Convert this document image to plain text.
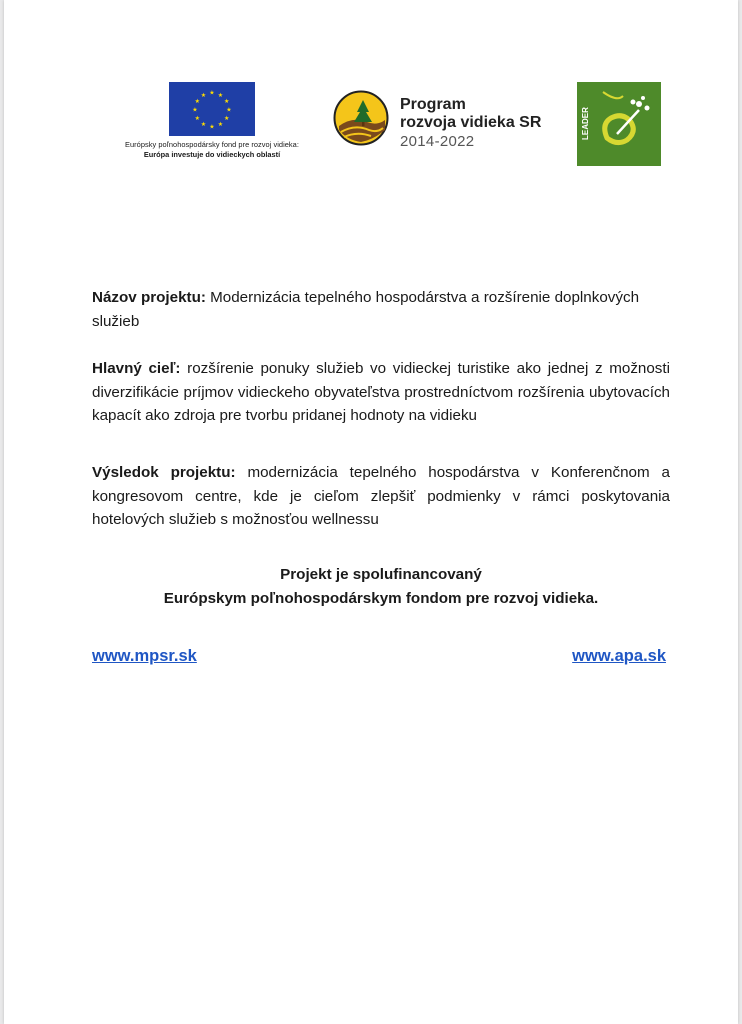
★ ★
★
★
★
★
★
★
★
★
★
★
Európsky poľnohospodársky fond pre rozvoj vidieka:
Európa investuje do vidieckych oblastí
Program
rozvoja vidieka SR
2014-2022
LEADER
Názov projektu: Modernizácia tepelného hospodárstva a rozšírenie doplnkových služieb
Hlavný cieľ: rozšírenie ponuky služieb vo vidieckej turistike ako jednej z možnosti diverzifikácie príjmov vidieckeho obyvateľstva prostredníctvom rozšírenia ubytovacích kapacít ako zdroja pre tvorbu pridanej hodnoty na vidieku
Výsledok projektu: modernizácia tepelného hospodárstva v Konferenčnom a kongresovom centre, kde je cieľom zlepšiť podmienky v rámci poskytovania hotelových služieb s možnosťou wellnessu
Projekt je spolufinancovaný
Európskym poľnohospodárskym fondom pre rozvoj vidieka.
www.mpsr.sk	www.apa.sk
